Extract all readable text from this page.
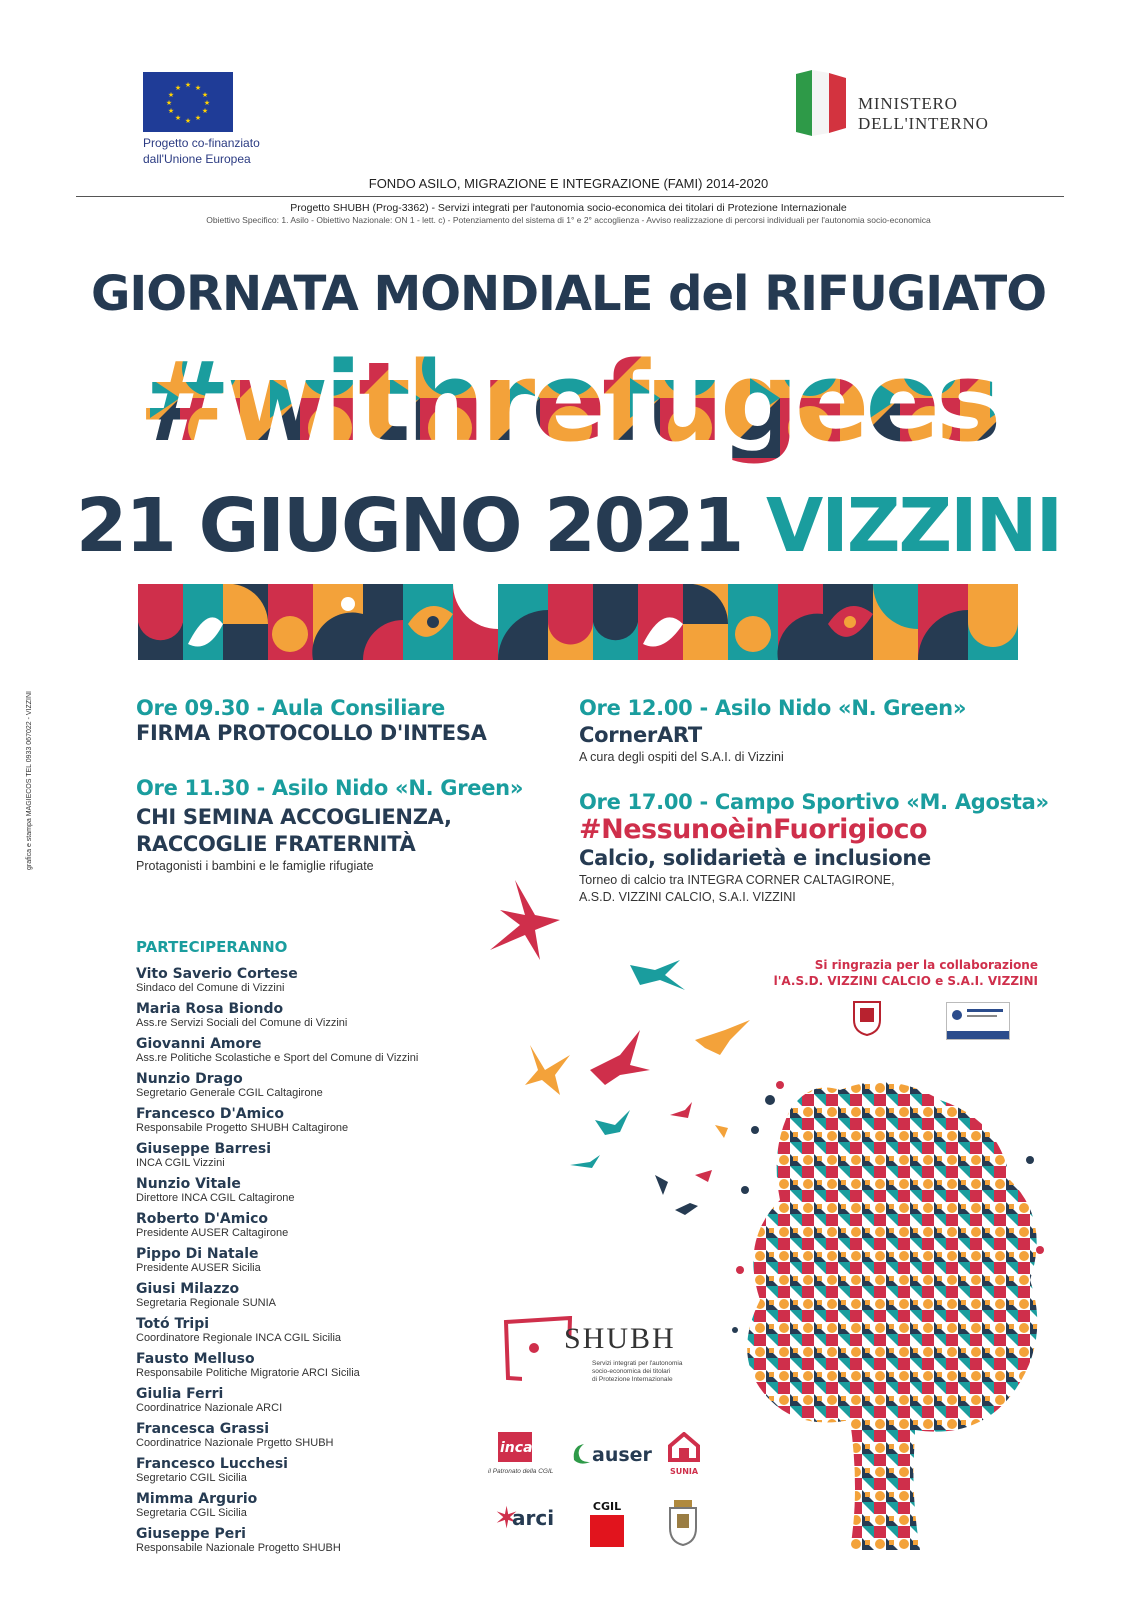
★ ★
★
★
★
★
★
★
★
★
★
★
Progetto co-finanziato
dall'Unione Europea
MINISTERO
DELL'INTERNO
FONDO ASILO, MIGRAZIONE E INTEGRAZIONE (FAMI) 2014-2020
Progetto SHUBH (Prog-3362) - Servizi integrati per l'autonomia socio-economica dei titolari di Protezione Internazionale
Obiettivo Specifico: 1. Asilo - Obiettivo Nazionale: ON 1 - lett. c) - Potenziamento del sistema di 1° e 2° accoglienza - Avviso realizzazione di percorsi individuali per l'autonomia socio-economica
GIORNATA MONDIALE del RIFUGIATO
#withrefugees
21 GIUGNO 2021 VIZZINI
grafica e stampa MAGIECOS TEL 0933 067022 - VIZZINI	Ore 09.30 - Aula Consiliare
FIRMA PROTOCOLLO D'INTESA
Ore 11.30 - Asilo Nido «N. Green»
CHI SEMINA ACCOGLIENZA,
RACCOGLIE FRATERNITÀ
Protagonisti i bambini e le famiglie rifugiate
Ore 12.00 - Asilo Nido «N. Green»
CornerART
A cura degli ospiti del S.A.I. di Vizzini
Ore 17.00 - Campo Sportivo «M. Agosta»
#NessunoèinFuorigioco
Calcio, solidarietà e inclusione
Torneo di calcio tra INTEGRA CORNER CALTAGIRONE,
A.S.D. VIZZINI CALCIO, S.A.I. VIZZINI
PARTECIPERANNO
Vito Saverio Cortese
Sindaco del Comune di Vizzini
Maria Rosa Biondo
Ass.re Servizi Sociali del Comune di Vizzini
Giovanni Amore
Ass.re Politiche Scolastiche e Sport del Comune di Vizzini
Nunzio Drago
Segretario Generale CGIL Caltagirone
Francesco D'Amico
Responsabile Progetto SHUBH Caltagirone
Giuseppe Barresi
INCA CGIL Vizzini
Nunzio Vitale
Direttore INCA CGIL Caltagirone
Roberto D'Amico
Presidente AUSER Caltagirone
Pippo Di Natale
Presidente AUSER Sicilia
Giusi Milazzo
Segretaria Regionale SUNIA
Totó Tripi
Coordinatore Regionale INCA CGIL Sicilia
Fausto Melluso
Responsabile Politiche Migratorie ARCI Sicilia
Giulia Ferri
Coordinatrice Nazionale ARCI
Francesca Grassi
Coordinatrice Nazionale Prgetto SHUBH
Francesco Lucchesi
Segretario CGIL Sicilia
Mimma Argurio
Segretaria CGIL Sicilia
Giuseppe Peri
Responsabile Nazionale Progetto SHUBH
Si ringrazia per la collaborazione
l'A.S.D. VIZZINI CALCIO e S.A.I. VIZZINI
SHUBH
Servizi integrati per l'autonomia
socio-economica dei titolari
di Protezione Internazionale
inca
il Patronato della CGIL
auser
SUNIA
✶
arci	CGIL
